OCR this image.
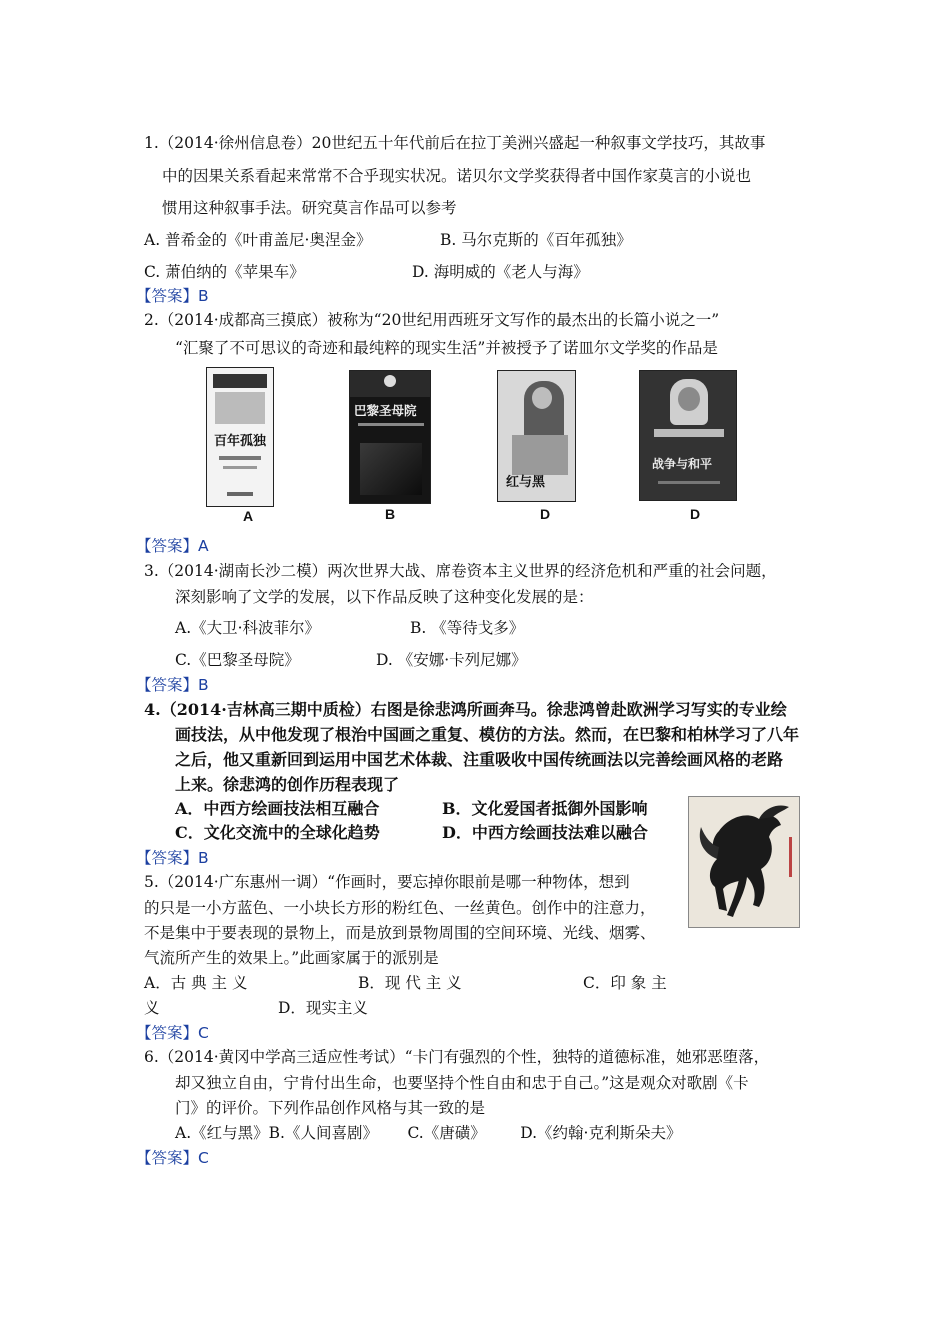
1.（2014·徐州信息卷）20世纪五十年代前后在拉丁美洲兴盛起一种叙事文学技巧，其故事
中的因果关系看起来常常不合乎现实状况。诺贝尔文学奖获得者中国作家莫言的小说也
惯用这种叙事手法。研究莫言作品可以参考
A. 普希金的《叶甫盖尼·奥涅金》	B. 马尔克斯的《百年孤独》
C. 萧伯纳的《苹果车》	D. 海明威的《老人与海》
【答案】B
2.（2014·成都高三摸底）被称为“20世纪用西班牙文写作的最杰出的长篇小说之一”
“汇聚了不可思议的奇迹和最纯粹的现实生活”并被授予了诺皿尔文学奖的作品是
百年孤独
A
巴黎圣母院
B
红与黑
D
战争与和平
D
【答案】A
3.（2014·湖南长沙二模）两次世界大战、席卷资本主义世界的经济危机和严重的社会问题，
深刻影响了文学的发展，以下作品反映了这种变化发展的是：
A.《大卫·科波菲尔》	B. 《等待戈多》
C.《巴黎圣母院》	D. 《安娜·卡列尼娜》
【答案】B
4.（2014·吉林高三期中质检）右图是徐悲鸿所画奔马。徐悲鸿曾赴欧洲学习写实的专业绘
画技法，从中他发现了根治中国画之重复、模仿的方法。然而，在巴黎和柏林学习了八年
之后，他又重新回到运用中国艺术体裁、注重吸收中国传统画法以完善绘画风格的老路
上来。徐悲鸿的创作历程表现了
A．中西方绘画技法相互融合	B．文化爱国者抵御外国影响
C．文化交流中的全球化趋势	D．中西方绘画技法难以融合
【答案】B
5.（2014·广东惠州一调）“作画时，要忘掉你眼前是哪一种物体，想到
的只是一小方蓝色、一小块长方形的粉红色、一丝黄色。创作中的注意力，
不是集中于要表现的景物上，而是放到景物周围的空间环境、光线、烟雾、
气流所产生的效果上。”此画家属于的派别是
A．古 典 主 义	B．现 代 主 义	C．印 象 主
义	D．现实主义
【答案】C
6.（2014·黄冈中学高三适应性考试）“卡门有强烈的个性，独特的道德标准，她邪恶堕落，
却又独立自由，宁肯付出生命，也要坚持个性自由和忠于自己。”这是观众对歌剧《卡
门》的评价。下列作品创作风格与其一致的是
A.《红与黑》B.《人间喜剧》      C.《唐磺》       D.《约翰·克利斯朵夫》
【答案】C
